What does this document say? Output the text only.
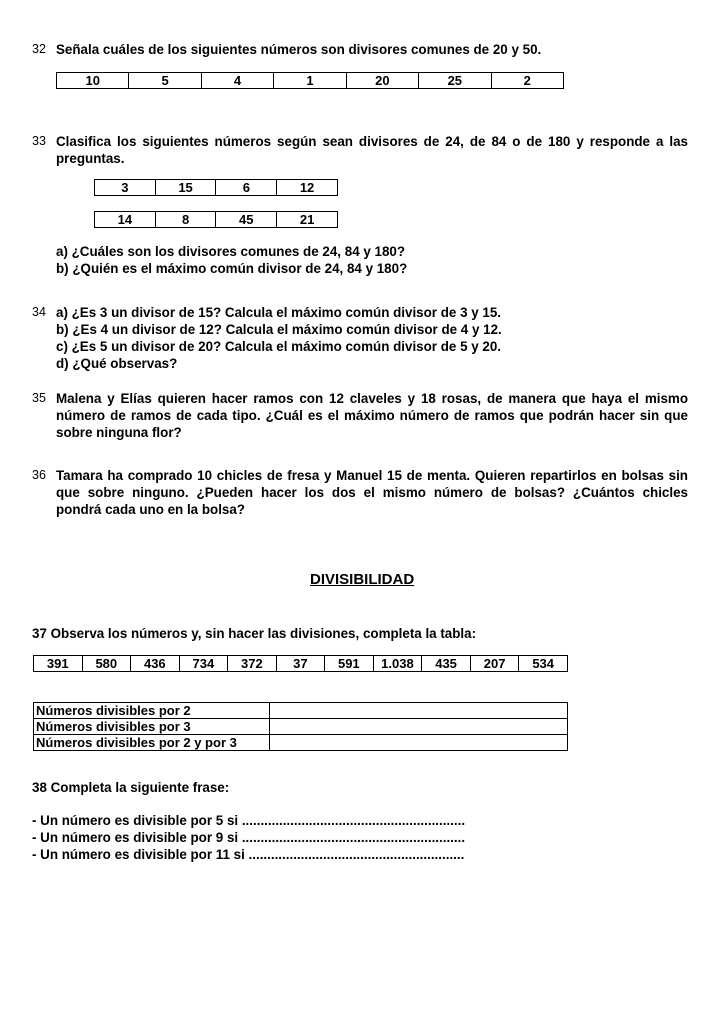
32 Señala cuáles de los siguientes números son divisores comunes de 20 y 50.
10	5	4	1	20	25	2
33 Clasifica los siguientes números según sean divisores de 24, de 84 o de 180 y responde a las
preguntas.
3	15	6	12
14	8	45	21
a) ¿Cuáles son los divisores comunes de 24, 84 y 180?
b) ¿Quién es el máximo común divisor de 24, 84 y 180?
34 a) ¿Es 3 un divisor de 15? Calcula el máximo común divisor de 3 y 15.
b) ¿Es 4 un divisor de 12? Calcula el máximo común divisor de 4 y 12.
c) ¿Es 5 un divisor de 20? Calcula el máximo común divisor de 5 y 20.
d) ¿Qué observas?
35 Malena y Elías quieren hacer ramos con 12 claveles y 18 rosas, de manera que haya el mismo
número de ramos de cada tipo. ¿Cuál es el máximo número de ramos que podrán hacer sin que
sobre ninguna flor?
36 Tamara ha comprado 10 chicles de fresa y Manuel 15 de menta. Quieren repartirlos en bolsas sin
que sobre ninguno. ¿Pueden hacer los dos el mismo número de bolsas? ¿Cuántos chicles
pondrá cada uno en la bolsa?
DIVISIBILIDAD
37 Observa los números y, sin hacer las divisiones, completa la tabla:
391	580	436	734	372	37	591	1.038	435	207	534
Números divisibles por 2	
Números divisibles por 3	
Números divisibles por 2 y por 3	
38 Completa la siguiente frase:
- Un número es divisible por 5 si ............................................................
- Un número es divisible por 9 si ............................................................
- Un número es divisible por 11 si ..........................................................
